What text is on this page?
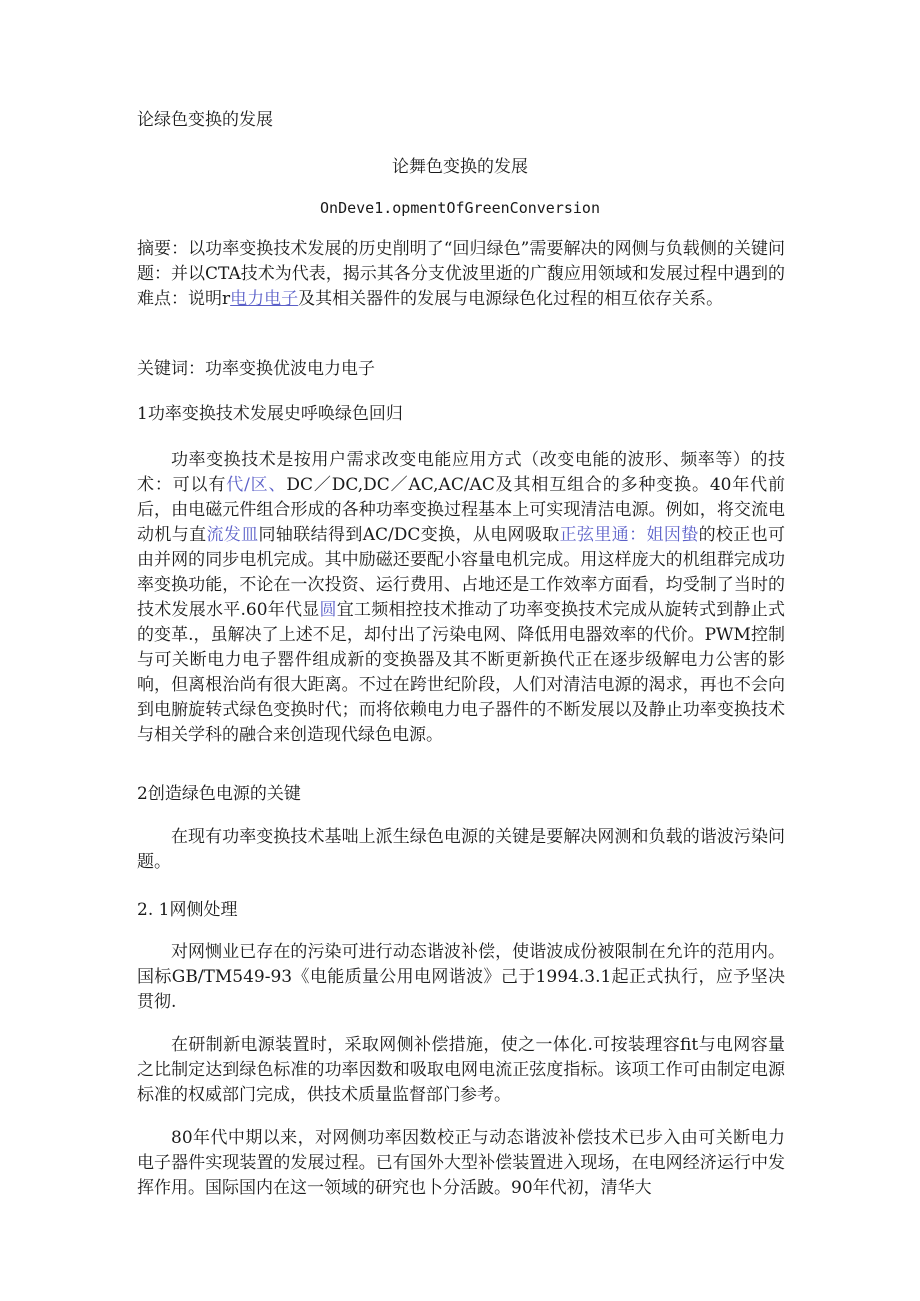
论绿色变换的发展

论舞色变换的发展

OnDeve1.opmentOfGreenConversion

摘要：以功率变换技术发展的历史削明了“回归绿色”需要解决的网侧与负载侧的关键问题：并以CTA技术为代表，揭示其各分支优波里逝的广馥应用领域和发展过程中遇到的难点：说明r电力电子及其相关器件的发展与电源绿色化过程的相互依存关系。

关键词：功率变换优波电力电子

1功率变换技术发展史呼唤绿色回归

功率变换技术是按用户需求改变电能应用方式（改变电能的波形、频率等）的技术：可以有代/区、DC／DC,DC／AC,AC/AC及其相互组合的多种变换。40年代前后，由电磁元件组合形成的各种功率变换过程基本上可实现清洁电源。例如，将交流电动机与直流发皿同轴联结得到AC/DC变换，从电网吸取正弦里通：姐因蛰的校正也可由并网的同步电机完成。其中励磁还要配小容量电机完成。用这样庞大的机组群完成功率变换功能，不论在一次投资、运行费用、占地还是工作效率方面看，均受制了当时的技术发展水平.60年代显圆宜工频相控技术推动了功率变换技术完成从旋转式到静止式的变革.，虽解决了上述不足，却付出了污染电网、降低用电器效率的代价。PWM控制与可关断电力电子罂件组成新的变换器及其不断更新换代正在逐步级解电力公害的影响，但离根治尚有很大距离。不过在跨世纪阶段，人们对清洁电源的渴求，再也不会向到电腑旋转式绿色变换时代；而将依赖电力电子器件的不断发展以及静止功率变换技术与相关学科的融合来创造现代绿色电源。

2创造绿色电源的关键

在现有功率变换技术基咄上派生绿色电源的关键是要解决网测和负载的谐波污染问题。

2. 1网侧处理

对网恻业已存在的污染可进行动态谐波补偿，使谐波成份被限制在允许的范用内。国标GB/TM549-93《电能质量公用电网谐波》己于1994.3.1起正式执行，应予坚决贯彻.

在研制新电源装置时，采取网侧补偿措施，使之一体化.可按装理容fit与电网容量之比制定达到绿色标准的功率因数和吸取电网电流正弦度指标。该项工作可由制定电源标准的权威部门完成，供技术质量监督部门参考。

80年代中期以来，对网侧功率因数校正与动态谐波补偿技术已步入由可关断电力电子器件实现装置的发展过程。已有国外大型补偿装置进入现场，在电网经济运行中发挥作用。国际国内在这一领域的研究也卜分活跛。90年代初，清华大
